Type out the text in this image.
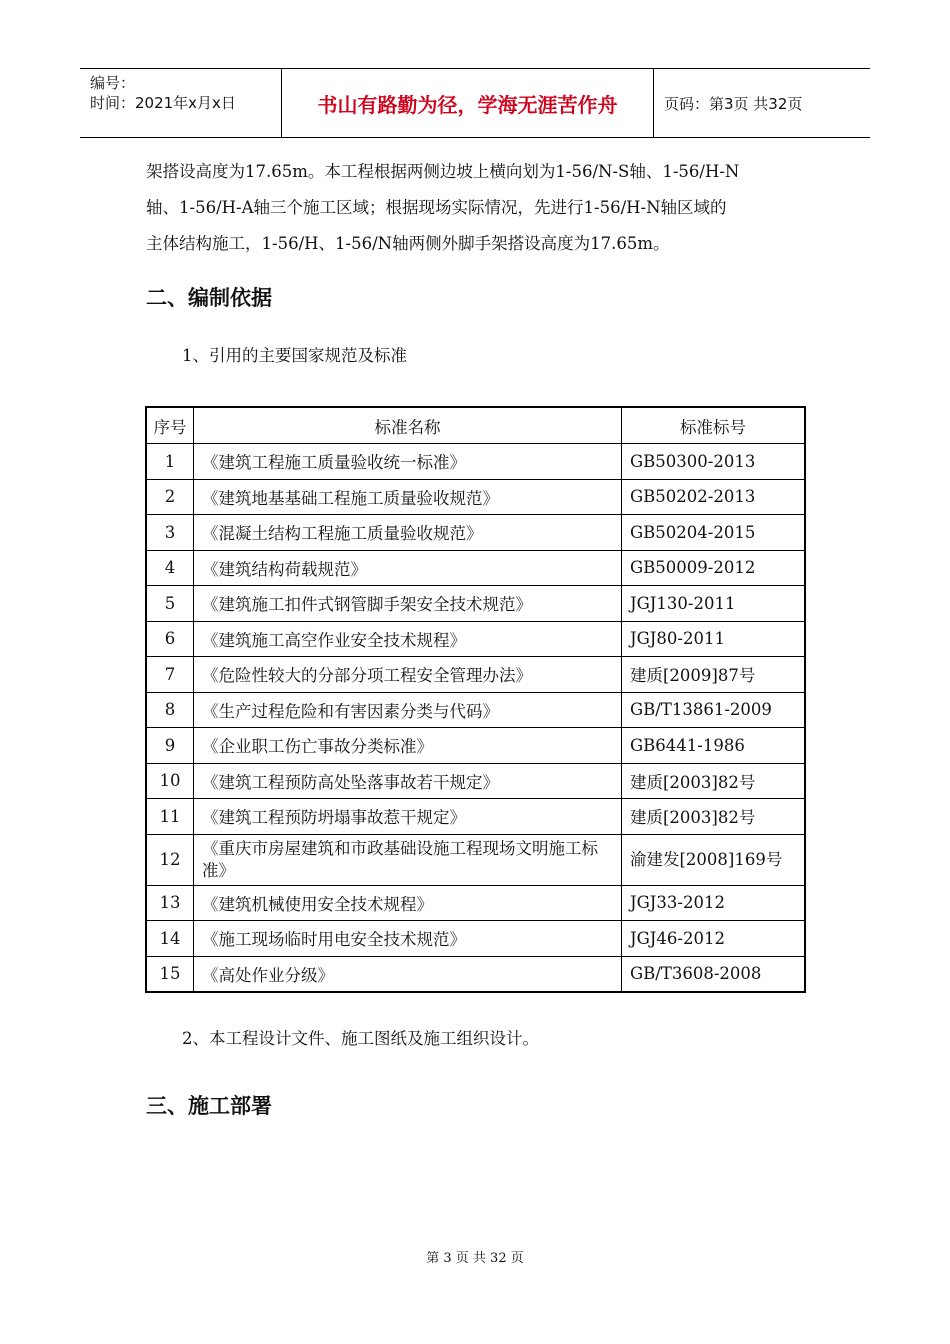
编号：
时间：2021年x月x日	书山有路勤为径，学海无涯苦作舟	页码：第3页 共32页
架搭设高度为17.65m。本工程根据两侧边坡上横向划为1-56/N-S轴、1-56/H-N
轴、1-56/H-A轴三个施工区域；根据现场实际情况，先进行1-56/H-N轴区域的
主体结构施工，1-56/H、1-56/N轴两侧外脚手架搭设高度为17.65m。
二、编制依据
1、引用的主要国家规范及标准
序号	标准名称	标准标号
1	《建筑工程施工质量验收统一标准》	GB50300-2013
2	《建筑地基基础工程施工质量验收规范》	GB50202-2013
3	《混凝土结构工程施工质量验收规范》	GB50204-2015
4	《建筑结构荷载规范》	GB50009-2012
5	《建筑施工扣件式钢管脚手架安全技术规范》	JGJ130-2011
6	《建筑施工高空作业安全技术规程》	JGJ80-2011
7	《危险性较大的分部分项工程安全管理办法》	建质[2009]87号
8	《生产过程危险和有害因素分类与代码》	GB/T13861-2009
9	《企业职工伤亡事故分类标准》	GB6441-1986
10	《建筑工程预防高处坠落事故若干规定》	建质[2003]82号
11	《建筑工程预防坍塌事故惹干规定》	建质[2003]82号
12	《重庆市房屋建筑和市政基础设施工程现场文明施工标准》	渝建发[2008]169号
13	《建筑机械使用安全技术规程》	JGJ33-2012
14	《施工现场临时用电安全技术规范》	JGJ46-2012
15	《高处作业分级》	GB/T3608-2008
2、本工程设计文件、施工图纸及施工组织设计。
三、施工部署
第 3 页 共 32 页
